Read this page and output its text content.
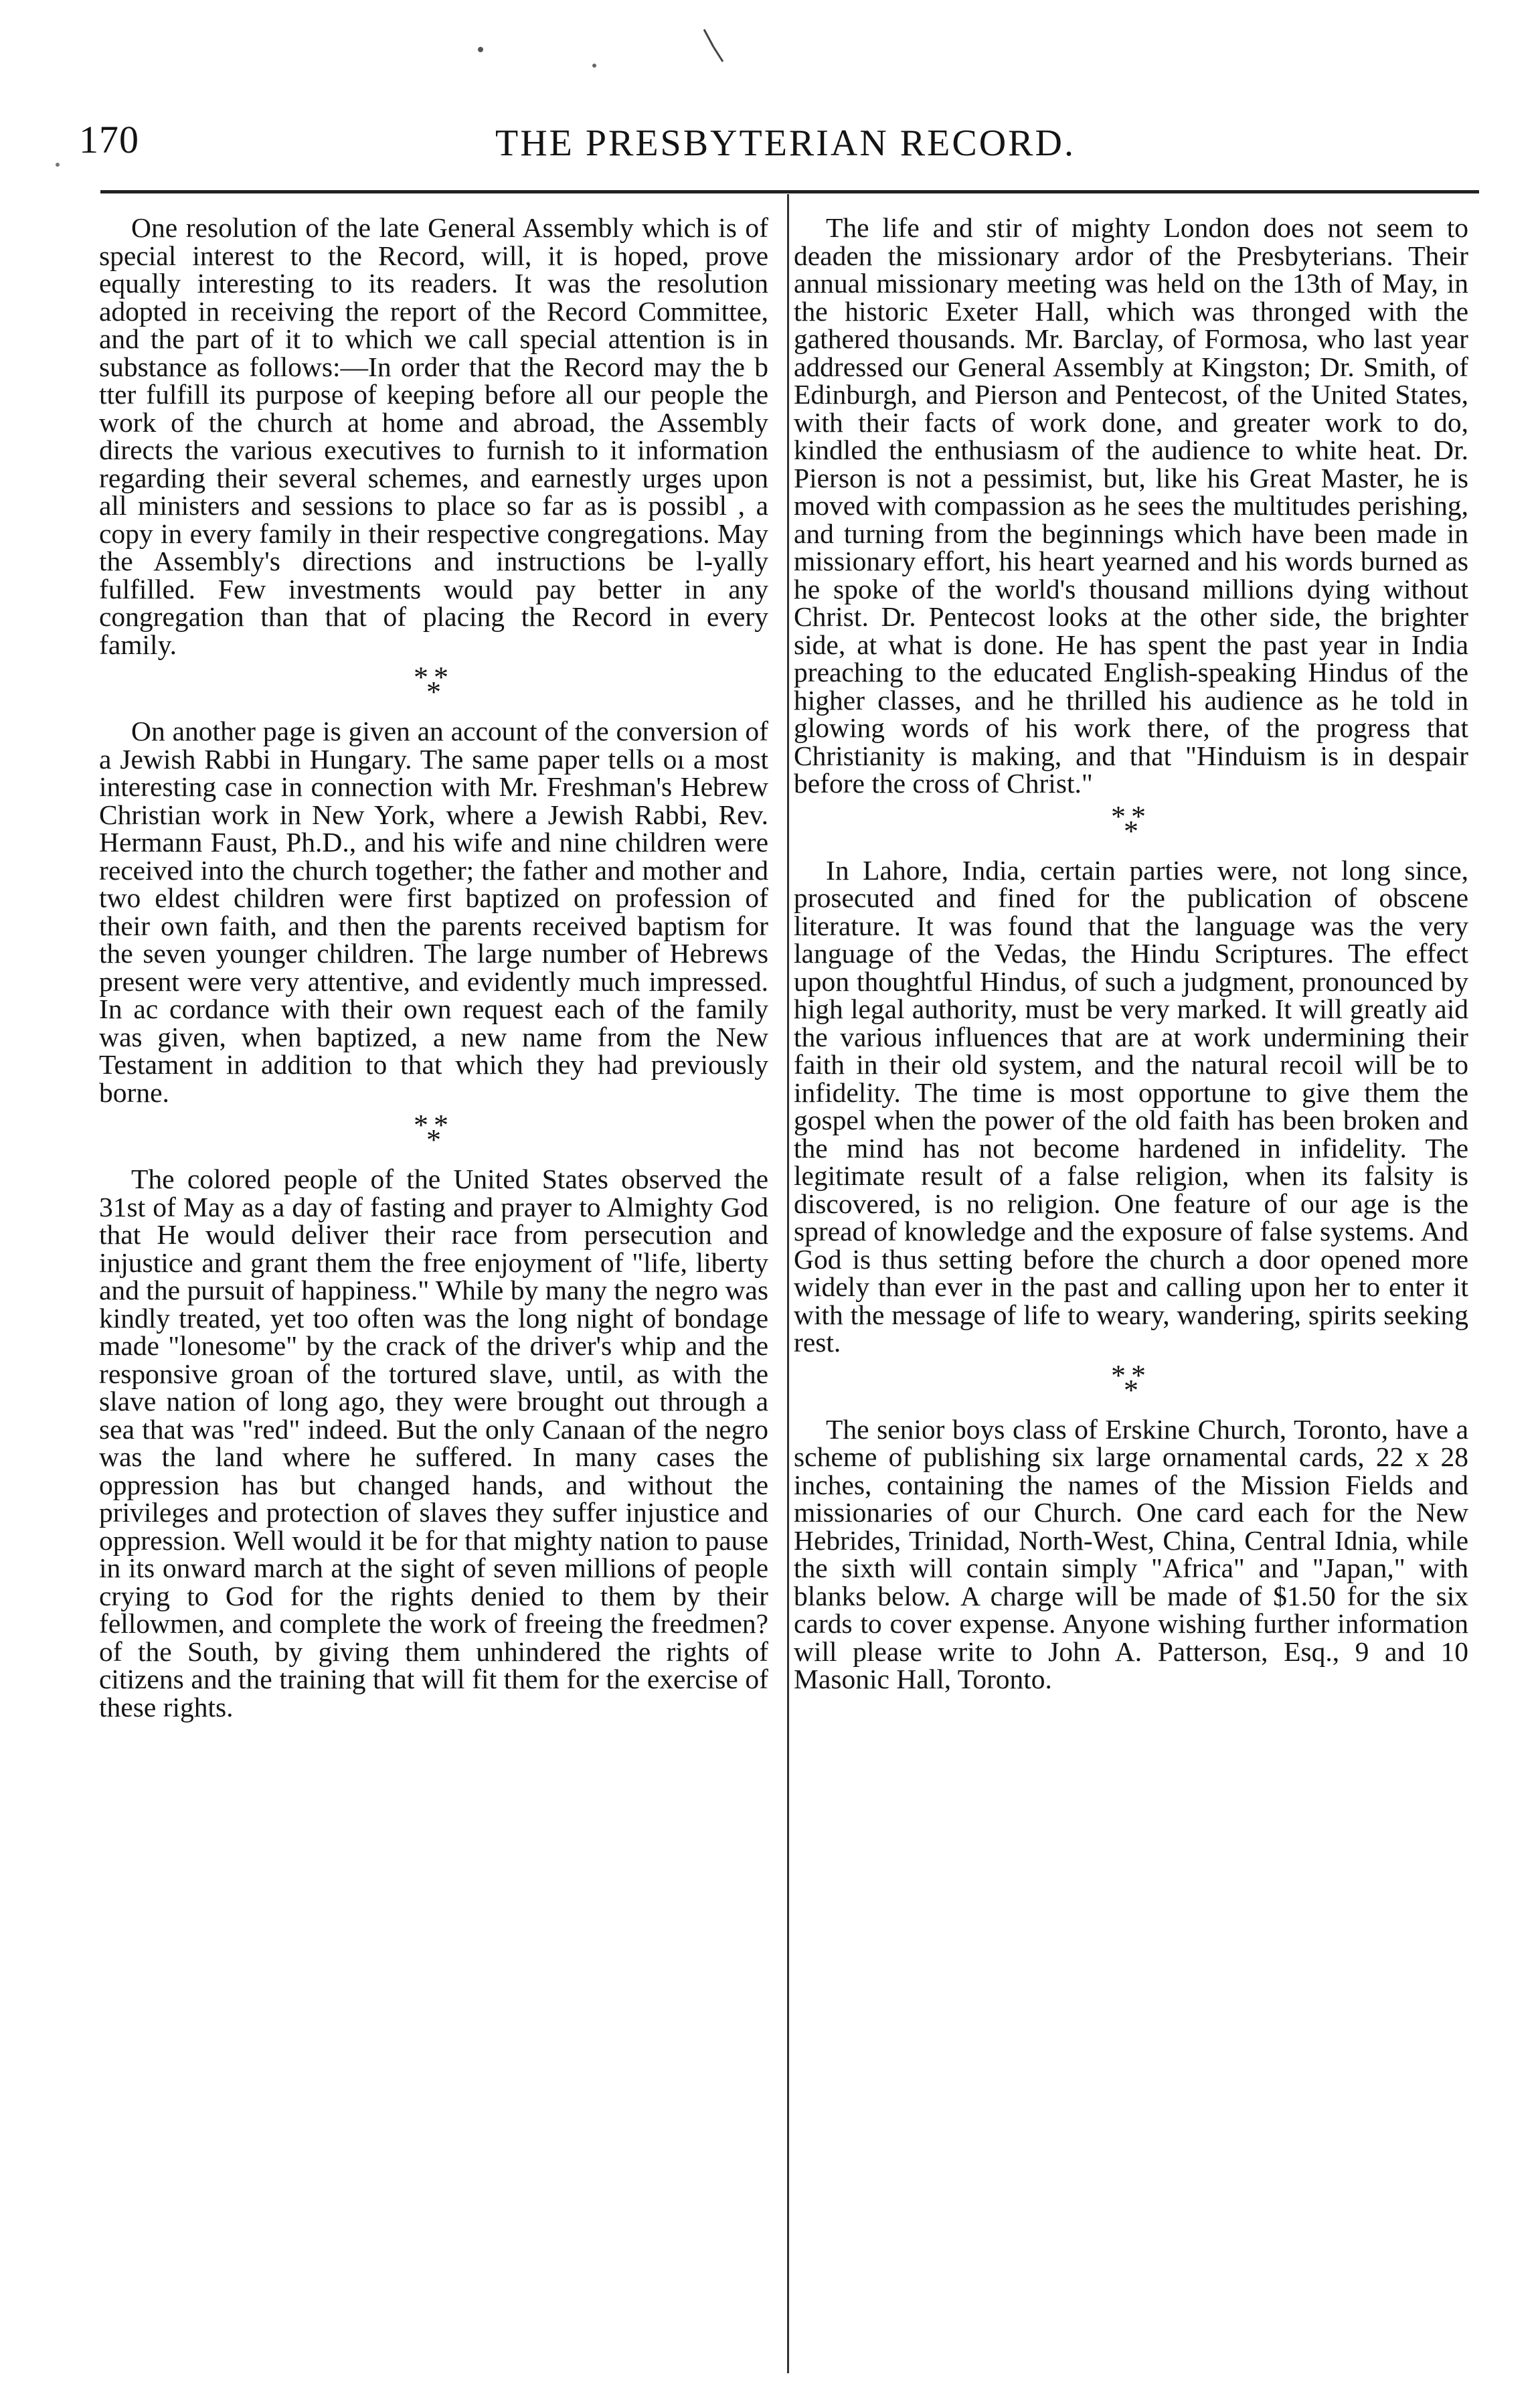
170	THE PRESBYTERIAN RECORD.

One resolution of the late General Assembly which is of special interest to the Record, will, it is hoped, prove equally interesting to its readers. It was the resolution adopted in receiving the report of the Record Committee, and the part of it to which we call special attention is in substance as follows:—In order that the Record may the b tter fulfill its purpose of keeping before all our people the work of the church at home and abroad, the Assembly directs the various executives to furnish to it information regarding their several schemes, and earnestly urges upon all ministers and sessions to place so far as is possibl , a copy in every family in their respective congregations. May the Assembly's directions and instructions be l-yally fulfilled. Few investments would pay better in any congregation than that of placing the Record in every family.

**
*

On another page is given an account of the conversion of a Jewish Rabbi in Hungary. The same paper tells oı a most interesting case in connection with Mr. Freshman's Hebrew Christian work in New York, where a Jewish Rabbi, Rev. Hermann Faust, Ph.D., and his wife and nine children were received into the church together; the father and mother and two eldest children were first baptized on profession of their own faith, and then the parents received baptism for the seven younger children. The large number of Hebrews present were very attentive, and evidently much impressed. In ac cordance with their own request each of the family was given, when baptized, a new name from the New Testament in addition to that which they had previously borne.

**
*

The colored people of the United States observed the 31st of May as a day of fasting and prayer to Almighty God that He would deliver their race from persecution and injustice and grant them the free enjoyment of "life, liberty and the pursuit of happiness." While by many the negro was kindly treated, yet too often was the long night of bondage made "lonesome" by the crack of the driver's whip and the responsive groan of the tortured slave, until, as with the slave nation of long ago, they were brought out through a sea that was "red" indeed. But the only Canaan of the negro was the land where he suffered. In many cases the oppression has but changed hands, and without the privileges and protection of slaves they suffer injustice and oppression. Well would it be for that mighty nation to pause in its onward march at the sight of seven millions of people crying to God for the rights denied to them by their fellowmen, and complete the work of freeing the freedmen? of the South, by giving them unhindered the rights of citizens and the training that will fit them for the exercise of these rights.

The life and stir of mighty London does not seem to deaden the missionary ardor of the Presbyterians. Their annual missionary meeting was held on the 13th of May, in the historic Exeter Hall, which was thronged with the gathered thousands. Mr. Barclay, of Formosa, who last year addressed our General Assembly at Kingston; Dr. Smith, of Edinburgh, and Pierson and Pentecost, of the United States, with their facts of work done, and greater work to do, kindled the enthusiasm of the audience to white heat. Dr. Pierson is not a pessimist, but, like his Great Master, he is moved with compassion as he sees the multitudes perishing, and turning from the beginnings which have been made in missionary effort, his heart yearned and his words burned as he spoke of the world's thousand millions dying without Christ. Dr. Pentecost looks at the other side, the brighter side, at what is done. He has spent the past year in India preaching to the educated English-speaking Hindus of the higher classes, and he thrilled his audience as he told in glowing words of his work there, of the progress that Christianity is making, and that "Hinduism is in despair before the cross of Christ."

**
*

In Lahore, India, certain parties were, not long since, prosecuted and fined for the publication of obscene literature. It was found that the language was the very language of the Vedas, the Hindu Scriptures. The effect upon thoughtful Hindus, of such a judgment, pronounced by high legal authority, must be very marked. It will greatly aid the various influences that are at work undermining their faith in their old system, and the natural recoil will be to infidelity. The time is most opportune to give them the gospel when the power of the old faith has been broken and the mind has not become hardened in infidelity. The legitimate result of a false religion, when its falsity is discovered, is no religion. One feature of our age is the spread of knowledge and the exposure of false systems. And God is thus setting before the church a door opened more widely than ever in the past and calling upon her to enter it with the message of life to weary, wandering, spirits seeking rest.

**
*

The senior boys class of Erskine Church, Toronto, have a scheme of publishing six large ornamental cards, 22 x 28 inches, containing the names of the Mission Fields and missionaries of our Church. One card each for the New Hebrides, Trinidad, North-West, China, Central Idnia, while the sixth will contain simply "Africa" and "Japan," with blanks below. A charge will be made of $1.50 for the six cards to cover expense. Anyone wishing further information will please write to John A. Patterson, Esq., 9 and 10 Masonic Hall, Toronto.
